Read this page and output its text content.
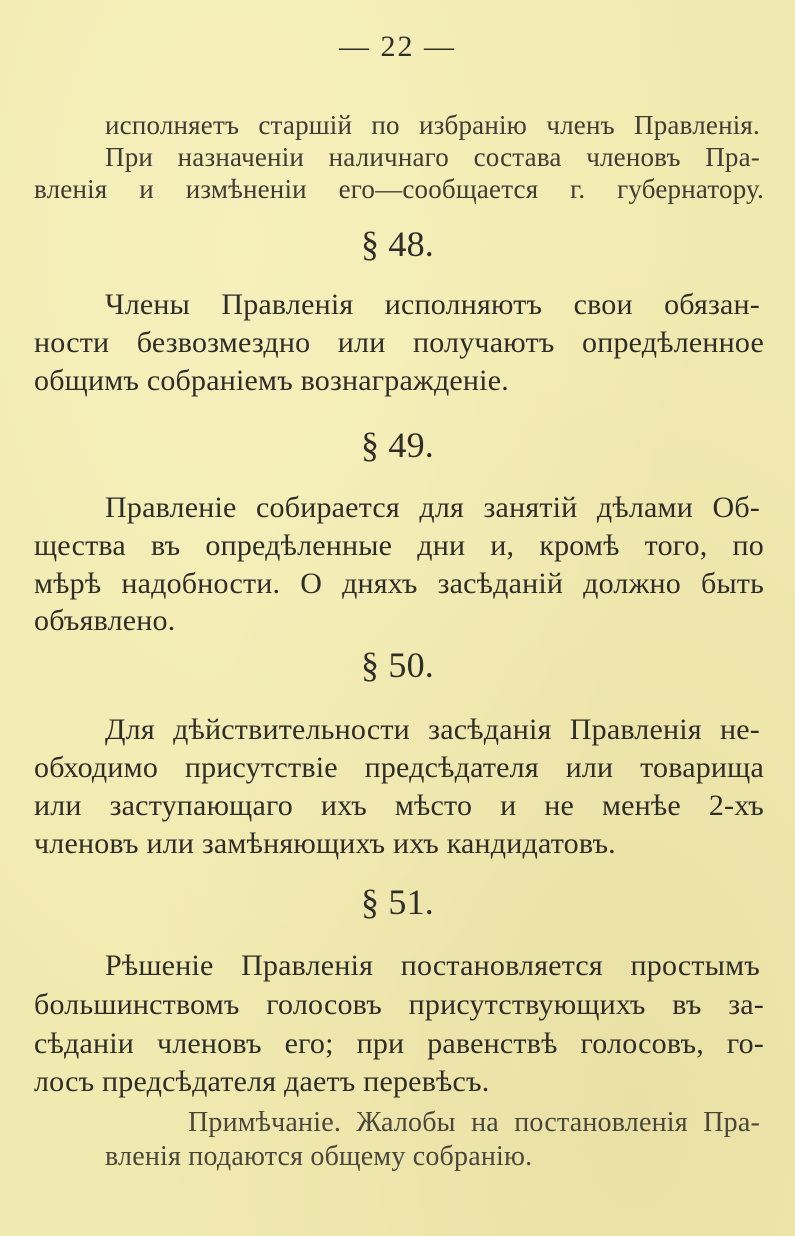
— 22 —
исполняетъ старшій по избранію членъ Правленія.
При назначеніи наличнаго состава членовъ Пра-
вленія и измѣненіи его—сообщается г. губернатору.
§ 48.
Члены Правленія исполняютъ свои обязан-
ности безвозмездно или получаютъ опредѣленное
общимъ собраніемъ вознагражденіе.
§ 49.
Правленіе собирается для занятій дѣлами Об-
щества въ опредѣленные дни и, кромѣ того, по
мѣрѣ надобности. О дняхъ засѣданій должно быть
объявлено.
§ 50.
Для дѣйствительности засѣданія Правленія не-
обходимо присутствіе предсѣдателя или товарища
или заступающаго ихъ мѣсто и не менѣе 2-хъ
членовъ или замѣняющихъ ихъ кандидатовъ.
§ 51.
Рѣшеніе Правленія постановляется простымъ
большинствомъ голосовъ присутствующихъ въ за-
сѣданіи членовъ его; при равенствѣ голосовъ, го-
лосъ предсѣдателя даетъ перевѣсъ.
Примѣчаніе. Жалобы на постановленія Пра-
вленія подаются общему собранію.
